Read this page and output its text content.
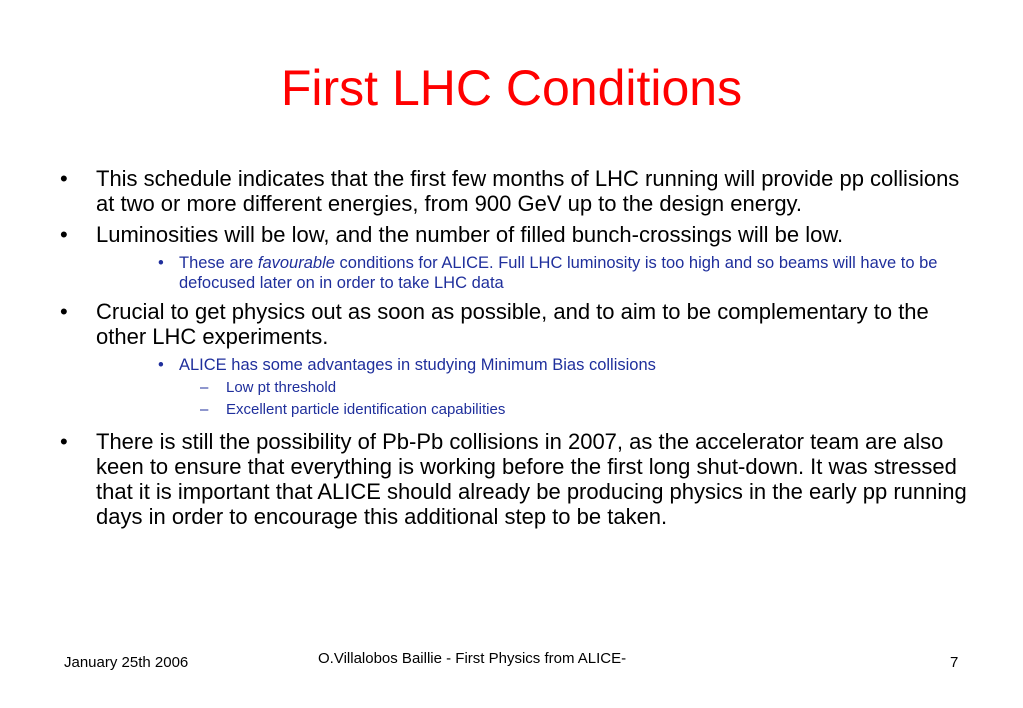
First LHC Conditions
• This schedule indicates that the first few months of LHC running will provide pp collisions at two or more different energies, from 900 GeV up to the design energy.
• Luminosities will be low, and the number of filled bunch-crossings will be low.
• These are favourable conditions for ALICE. Full LHC luminosity is too high and so beams will have to be defocused later on in order to take LHC data
• Crucial to get physics out as soon as possible, and to aim to be complementary to the other LHC experiments.
• ALICE has some advantages in studying Minimum Bias collisions
– Low pt threshold
– Excellent particle identification capabilities
• There is still the possibility of Pb-Pb collisions in 2007, as the accelerator team are also keen to ensure that everything is working before the first long shut-down. It was stressed that it is important that ALICE should already be producing physics in the early pp running days in order to encourage this additional step to be taken.
January 25th 2006	O.Villalobos Baillie - First Physics from ALICE-	7
